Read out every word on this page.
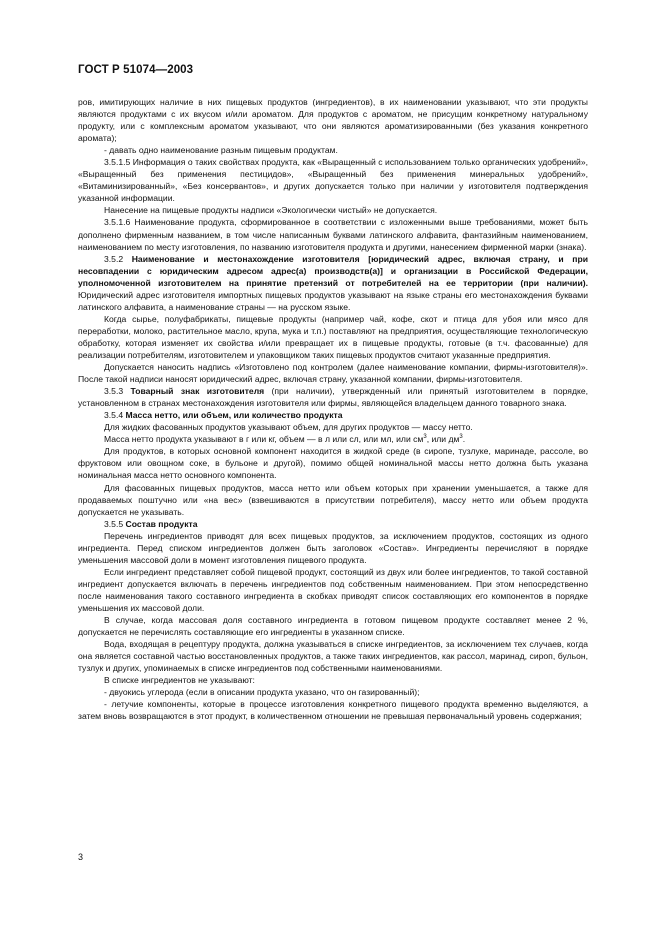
ГОСТ Р 51074—2003

ров, имитирующих наличие в них пищевых продуктов (ингредиентов), в их наименовании указывают, что эти продукты являются продуктами с их вкусом и/или ароматом. Для продуктов с ароматом, не присущим конкретному натуральному продукту, или с комплексным ароматом указывают, что они являются ароматизированными (без указания конкретного аромата);

- давать одно наименование разным пищевым продуктам.

3.5.1.5 Информация о таких свойствах продукта, как «Выращенный с использованием только органических удобрений», «Выращенный без применения пестицидов», «Выращенный без применения минеральных удобрений», «Витаминизированный», «Без консервантов», и других допускается только при наличии у изготовителя подтверждения указанной информации.

Нанесение на пищевые продукты надписи «Экологически чистый» не допускается.

3.5.1.6 Наименование продукта, сформированное в соответствии с изложенными выше требованиями, может быть дополнено фирменным названием, в том числе написанным буквами латинского алфавита, фантазийным наименованием, наименованием по месту изготовления, по названию изготовителя продукта и другими, нанесением фирменной марки (знака).

3.5.2 Наименование и местонахождение изготовителя [юридический адрес, включая страну, и при несовпадении с юридическим адресом адрес(а) производств(а)] и организации в Российской Федерации, уполномоченной изготовителем на принятие претензий от потребителей на ее территории (при наличии). Юридический адрес изготовителя импортных пищевых продуктов указывают на языке страны его местонахождения буквами латинского алфавита, а наименование страны — на русском языке.

Когда сырье, полуфабрикаты, пищевые продукты (например чай, кофе, скот и птица для убоя или мясо для переработки, молоко, растительное масло, крупа, мука и т.п.) поставляют на предприятия, осуществляющие технологическую обработку, которая изменяет их свойства и/или превращает их в пищевые продукты, готовые (в т.ч. фасованные) для реализации потребителям, изготовителем и упаковщиком таких пищевых продуктов считают указанные предприятия.

Допускается наносить надпись «Изготовлено под контролем (далее наименование компании, фирмы-изготовителя)». После такой надписи наносят юридический адрес, включая страну, указанной компании, фирмы-изготовителя.

3.5.3 Товарный знак изготовителя (при наличии), утвержденный или принятый изготовителем в порядке, установленном в странах местонахождения изготовителя или фирмы, являющейся владельцем данного товарного знака.

3.5.4 Масса нетто, или объем, или количество продукта

Для жидких фасованных продуктов указывают объем, для других продуктов — массу нетто.

Масса нетто продукта указывают в г или кг, объем — в л или сл, или мл, или $см^3$, или $дм^3$.

Для продуктов, в которых основной компонент находится в жидкой среде (в сиропе, тузлуке, маринаде, рассоле, во фруктовом или овощном соке, в бульоне и другой), помимо общей номинальной массы нетто должна быть указана номинальная масса нетто основного компонента.

Для фасованных пищевых продуктов, масса нетто или объем которых при хранении уменьшается, а также для продаваемых поштучно или «на вес» (взвешиваются в присутствии потребителя), массу нетто или объем продукта допускается не указывать.

3.5.5 Состав продукта

Перечень ингредиентов приводят для всех пищевых продуктов, за исключением продуктов, состоящих из одного ингредиента. Перед списком ингредиентов должен быть заголовок «Состав». Ингредиенты перечисляют в порядке уменьшения массовой доли в момент изготовления пищевого продукта.

Если ингредиент представляет собой пищевой продукт, состоящий из двух или более ингредиентов, то такой составной ингредиент допускается включать в перечень ингредиентов под собственным наименованием. При этом непосредственно после наименования такого составного ингредиента в скобках приводят список составляющих его компонентов в порядке уменьшения их массовой доли.

В случае, когда массовая доля составного ингредиента в готовом пищевом продукте составляет менее 2 %, допускается не перечислять составляющие его ингредиенты в указанном списке.

Вода, входящая в рецептуру продукта, должна указываться в списке ингредиентов, за исключением тех случаев, когда она является составной частью восстановленных продуктов, а также таких ингредиентов, как рассол, маринад, сироп, бульон, тузлук и других, упоминаемых в списке ингредиентов под собственными наименованиями.

В списке ингредиентов не указывают:

- двуокись углерода (если в описании продукта указано, что он газированный);

- летучие компоненты, которые в процессе изготовления конкретного пищевого продукта временно выделяются, а затем вновь возвращаются в этот продукт, в количественном отношении не превышая первоначальный уровень содержания;

3
